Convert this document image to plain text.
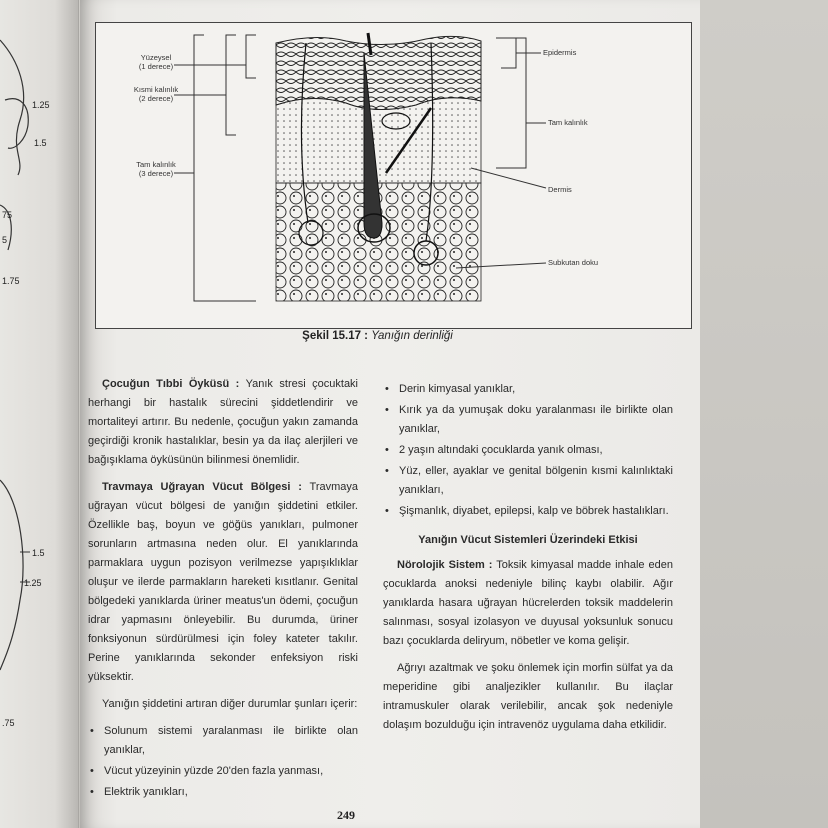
1.25
1.5
75
5
1.75
1.5
1.25
.75
Yüzeysel
(1 derece)
Kısmi kalınlık
(2 derece)
Tam kalınlık
(3 derece)
Epidermis
Tam kalınlık
Dermis
Subkutan doku
Şekil 15.17 : Yanığın derinliği

Çocuğun Tıbbi Öyküsü : Yanık stresi çocuktaki herhangi bir hastalık sürecini şiddetlendirir ve mortaliteyi artırır. Bu nedenle, çocuğun yakın zamanda geçirdiği kronik hastalıklar, besin ya da ilaç alerjileri ve bağışıklama öyküsünün bilinmesi önemlidir.

Travmaya Uğrayan Vücut Bölgesi : Travmaya uğrayan vücut bölgesi de yanığın şiddetini etkiler. Özellikle baş, boyun ve göğüs yanıkları, pulmoner sorunların artmasına neden olur. El yanıklarında parmaklara uygun pozisyon verilmezse yapışıklıklar oluşur ve ilerde parmakların hareketi kısıtlanır. Genital bölgedeki yanıklarda üriner meatus'un ödemi, çocuğun idrar yapmasını önleyebilir. Bu durumda, üriner fonksiyonun sürdürülmesi için foley kateter takılır. Perine yanıklarında sekonder enfeksiyon riski yüksektir.

Yanığın şiddetini artıran diğer durumlar şunları içerir:

• Solunum sistemi yaralanması ile birlikte olan yanıklar,
• Vücut yüzeyinin yüzde 20'den fazla yanması,
• Elektrik yanıkları,
• Derin kimyasal yanıklar,
• Kırık ya da yumuşak doku yaralanması ile birlikte olan yanıklar,
• 2 yaşın altındaki çocuklarda yanık olması,
• Yüz, eller, ayaklar ve genital bölgenin kısmi kalınlıktaki yanıkları,
• Şişmanlık, diyabet, epilepsi, kalp ve böbrek hastalıkları.
Yanığın Vücut Sistemleri Üzerindeki Etkisi

Nörolojik Sistem : Toksik kimyasal madde inhale eden çocuklarda anoksi nedeniyle bilinç kaybı olabilir. Ağır yanıklarda hasara uğrayan hücrelerden toksik maddelerin salınması, sosyal izolasyon ve duyusal yoksunluk sonucu bazı çocuklarda deliryum, nöbetler ve koma gelişir.

Ağrıyı azaltmak ve şoku önlemek için morfin sülfat ya da meperidine gibi analjezikler kullanılır. Bu ilaçlar intramuskuler olarak verilebilir, ancak şok nedeniyle dolaşım bozulduğu için intravenöz uygulama daha etkilidir.

249
